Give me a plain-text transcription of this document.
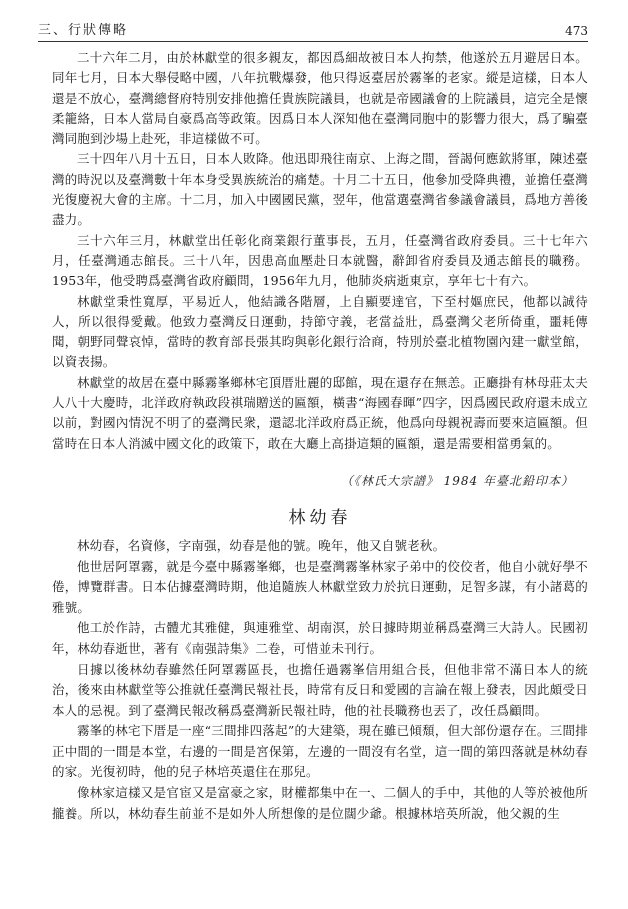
三、行狀傳略	473

二十六年二月，由於林獻堂的很多親友，都因爲細故被日本人拘禁，他遂於五月避居日本。同年七月，日本大舉侵略中國，八年抗戰爆發，他只得返臺居於霧峯的老家。縱是這樣，日本人還是不放心，臺灣總督府特別安排他擔任貴族院議員，也就是帝國議會的上院議員，這完全是懷柔籠絡，日本人當局自豪爲高等政策。因爲日本人深知他在臺灣同胞中的影響力很大，爲了騙臺灣同胞到沙場上赴死，非這樣做不可。

三十四年八月十五日，日本人敗降。他迅即飛往南京、上海之間，晉謁何應欽將軍，陳述臺灣的時況以及臺灣數十年本身受異族統治的痛楚。十月二十五日，他參加受降典禮，並擔任臺灣光復慶祝大會的主席。十二月，加入中國國民黨，翌年，他當選臺灣省參議會議員，爲地方善後盡力。

三十六年三月，林獻堂出任彰化商業銀行董事長，五月，任臺灣省政府委員。三十七年六月，任臺灣通志館長。三十八年，因患高血壓赴日本就醫，辭卸省府委員及通志館長的職務。1953年，他受聘爲臺灣省政府顧問，1956年九月，他肺炎病逝東京，享年七十有六。

林獻堂秉性寬厚，平易近人，他結識各階層，上自顯要達官，下至村嫗庶民，他都以誠待人，所以很得愛戴。他致力臺灣反日運動，持節守義，老當益壯，爲臺灣父老所倚重，噩耗傳聞，朝野同聲哀悼，當時的教育部長張其昀與彰化銀行洽商，特別於臺北植物園內建一獻堂館，以資表揚。

林獻堂的故居在臺中縣霧峯鄉林宅頂厝壯麗的邸館，現在還存在無恙。正廳掛有林母莊太夫人八十大慶時，北洋政府執政段祺瑞贈送的匾額，橫書“海國春暉”四字，因爲國民政府還未成立以前，對國內情況不明了的臺灣民衆，還認北洋政府爲正統，他爲向母親祝壽而要來這匾額。但當時在日本人消滅中國文化的政策下，敢在大廳上高掛這類的匾額，還是需要相當勇氣的。

（《林氏大宗譜》 1984 年臺北鉛印本）
林幼春

林幼春，名資修，字南强，幼春是他的號。晚年，他又自號老秋。

他世居阿罩霧，就是今臺中縣霧峯鄉，也是臺灣霧峯林家子弟中的佼佼者，他自小就好學不倦，博覽群書。日本佔據臺灣時期，他追隨族人林獻堂致力於抗日運動，足智多謀，有小諸葛的雅號。

他工於作詩，古體尤其雅健，與連雅堂、胡南溟，於日據時期並稱爲臺灣三大詩人。民國初年，林幼春逝世，著有《南强詩集》二卷，可惜並未刊行。

日據以後林幼春雖然任阿罩霧區長，也擔任過霧峯信用組合長，但他非常不滿日本人的統治，後來由林獻堂等公推就任臺灣民報社長，時常有反日和愛國的言論在報上發表，因此頗受日本人的忌視。到了臺灣民報改稱爲臺灣新民報社時，他的社長職務也丟了，改任爲顧問。

霧峯的林宅下厝是一座“三間排四落起”的大建築，現在雖已傾頹，但大部份還存在。三間排正中間的一間是本堂，右邊的一間是宮保第，左邊的一間沒有名堂，這一間的第四落就是林幼春的家。光復初時，他的兒子林培英還住在那兒。

像林家這樣又是官宦又是富豪之家，財權都集中在一、二個人的手中，其他的人等於被他所攏養。所以，林幼春生前並不是如外人所想像的是位闊少爺。根據林培英所說，他父親的生
